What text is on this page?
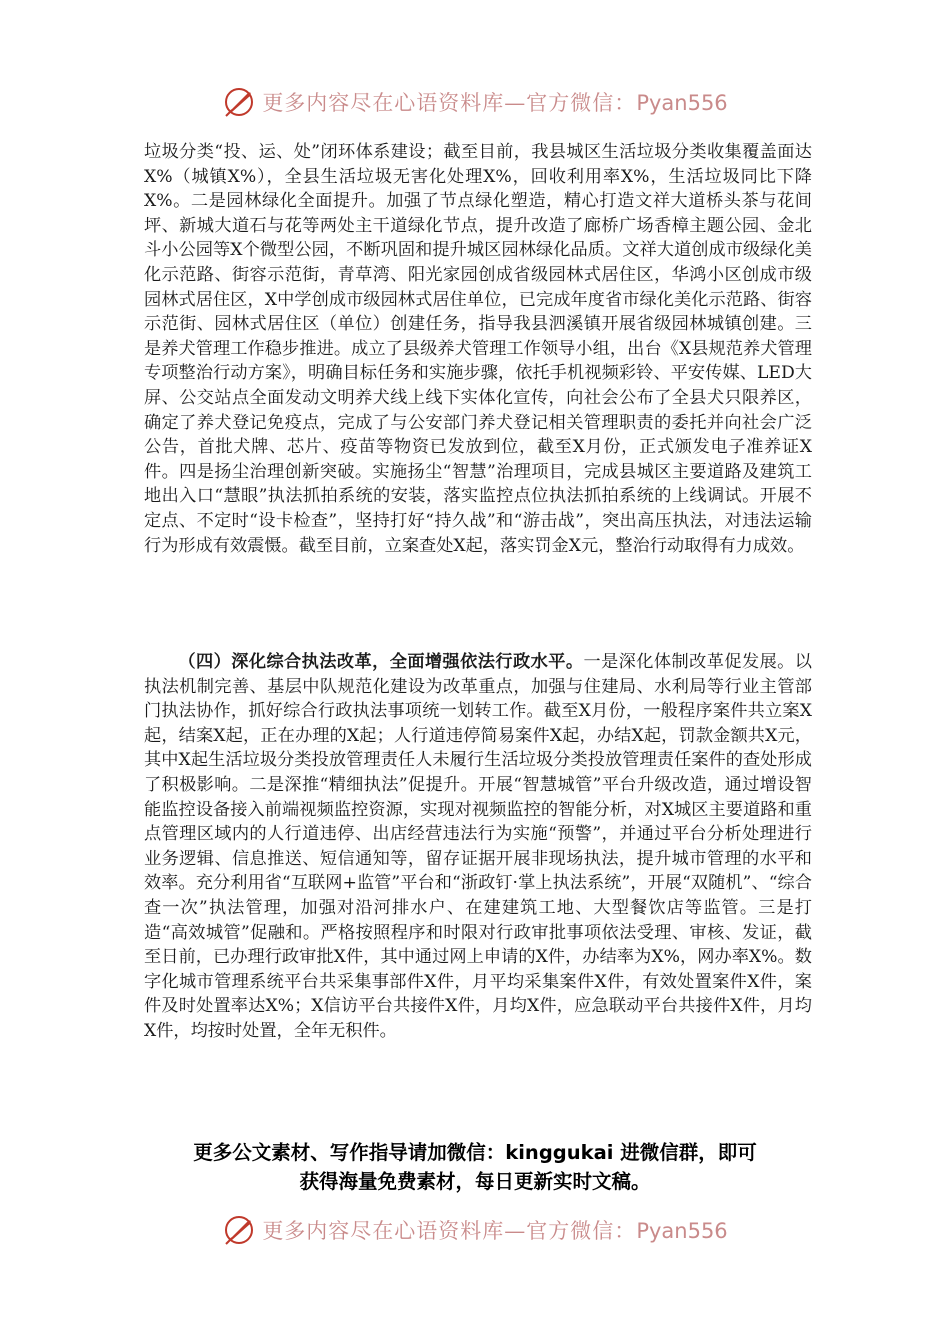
更多内容尽在心语资料库—官方微信：Pyan556

垃圾分类“投、运、处”闭环体系建设；截至目前，我县城区生活垃圾分类收集覆盖面达X%（城镇X%），全县生活垃圾无害化处理X%，回收利用率X%，生活垃圾同比下降X%。二是园林绿化全面提升。加强了节点绿化塑造，精心打造文祥大道桥头茶与花间坪、新城大道石与花等两处主干道绿化节点，提升改造了廊桥广场香樟主题公园、金北斗小公园等X个微型公园，不断巩固和提升城区园林绿化品质。文祥大道创成市级绿化美化示范路、街容示范街，青草湾、阳光家园创成省级园林式居住区，华鸿小区创成市级园林式居住区，X中学创成市级园林式居住单位，已完成年度省市绿化美化示范路、街容示范街、园林式居住区（单位）创建任务，指导我县泗溪镇开展省级园林城镇创建。三是养犬管理工作稳步推进。成立了县级养犬管理工作领导小组，出台《X县规范养犬管理专项整治行动方案》，明确目标任务和实施步骤，依托手机视频彩铃、平安传媒、LED大屏、公交站点全面发动文明养犬线上线下实体化宣传，向社会公布了全县犬只限养区，确定了养犬登记免疫点，完成了与公安部门养犬登记相关管理职责的委托并向社会广泛公告，首批犬牌、芯片、疫苗等物资已发放到位，截至X月份，正式颁发电子准养证X件。四是扬尘治理创新突破。实施扬尘“智慧”治理项目，完成县城区主要道路及建筑工地出入口“慧眼”执法抓拍系统的安装，落实监控点位执法抓拍系统的上线调试。开展不定点、不定时“设卡检查”，坚持打好“持久战”和“游击战”，突出高压执法，对违法运输行为形成有效震慑。截至目前，立案查处X起，落实罚金X元，整治行动取得有力成效。

（四）深化综合执法改革，全面增强依法行政水平。一是深化体制改革促发展。以执法机制完善、基层中队规范化建设为改革重点，加强与住建局、水利局等行业主管部门执法协作，抓好综合行政执法事项统一划转工作。截至X月份，一般程序案件共立案X起，结案X起，正在办理的X起；人行道违停简易案件X起，办结X起，罚款金额共X元，其中X起生活垃圾分类投放管理责任人未履行生活垃圾分类投放管理责任案件的查处形成了积极影响。二是深推“精细执法”促提升。开展“智慧城管”平台升级改造，通过增设智能监控设备接入前端视频监控资源，实现对视频监控的智能分析，对X城区主要道路和重点管理区域内的人行道违停、出店经营违法行为实施“预警”，并通过平台分析处理进行业务逻辑、信息推送、短信通知等，留存证据开展非现场执法，提升城市管理的水平和效率。充分利用省“互联网+监管”平台和“浙政钉·掌上执法系统”，开展“双随机”、“综合查一次”执法管理，加强对沿河排水户、在建建筑工地、大型餐饮店等监管。三是打造“高效城管”促融和。严格按照程序和时限对行政审批事项依法受理、审核、发证，截至日前，已办理行政审批X件，其中通过网上申请的X件，办结率为X%，网办率X%。数字化城市管理系统平台共采集事部件X件，月平均采集案件X件，有效处置案件X件，案件及时处置率达X%；X信访平台共接件X件，月均X件，应急联动平台共接件X件，月均X件，均按时处置，全年无积件。

更多公文素材、写作指导请加微信：kinggukai 进微信群，即可
获得海量免费素材，每日更新实时文稿。
更多内容尽在心语资料库—官方微信：Pyan556
